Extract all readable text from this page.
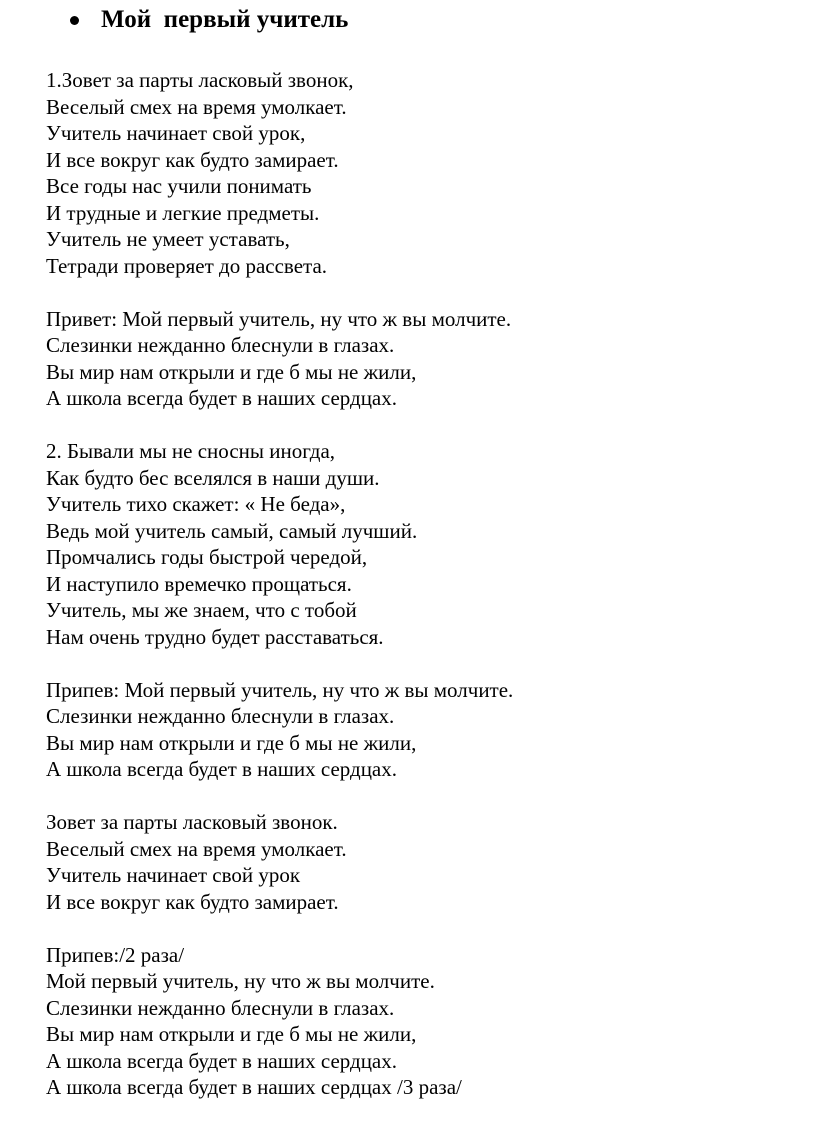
Мой  первый учитель
1.Зовет за парты ласковый звонок,
Веселый смех на время умолкает.
Учитель начинает свой урок,
И все вокруг как будто замирает.
Все годы нас учили понимать
И трудные и легкие предметы.
Учитель не умеет уставать,
Тетради проверяет до рассвета.
Привет: Мой первый учитель, ну что ж вы молчите.
Слезинки нежданно блеснули в глазах.
Вы мир нам открыли и где б мы не жили,
А школа всегда будет в наших сердцах.
2. Бывали мы не сносны иногда,
Как будто бес вселялся в наши души.
Учитель тихо скажет: « Не беда»,
Ведь мой учитель самый, самый лучший.
Промчались годы быстрой чередой,
И наступило времечко прощаться.
Учитель, мы же знаем, что с тобой
Нам очень трудно будет расставаться.
Припев: Мой первый учитель, ну что ж вы молчите.
Слезинки нежданно блеснули в глазах.
Вы мир нам открыли и где б мы не жили,
А школа всегда будет в наших сердцах.
Зовет за парты ласковый звонок.
Веселый смех на время умолкает.
Учитель начинает свой урок
И все вокруг как будто замирает.
Припев:/2 раза/
Мой первый учитель, ну что ж вы молчите.
Слезинки нежданно блеснули в глазах.
Вы мир нам открыли и где б мы не жили,
А школа всегда будет в наших сердцах.
А школа всегда будет в наших сердцах /3 раза/
